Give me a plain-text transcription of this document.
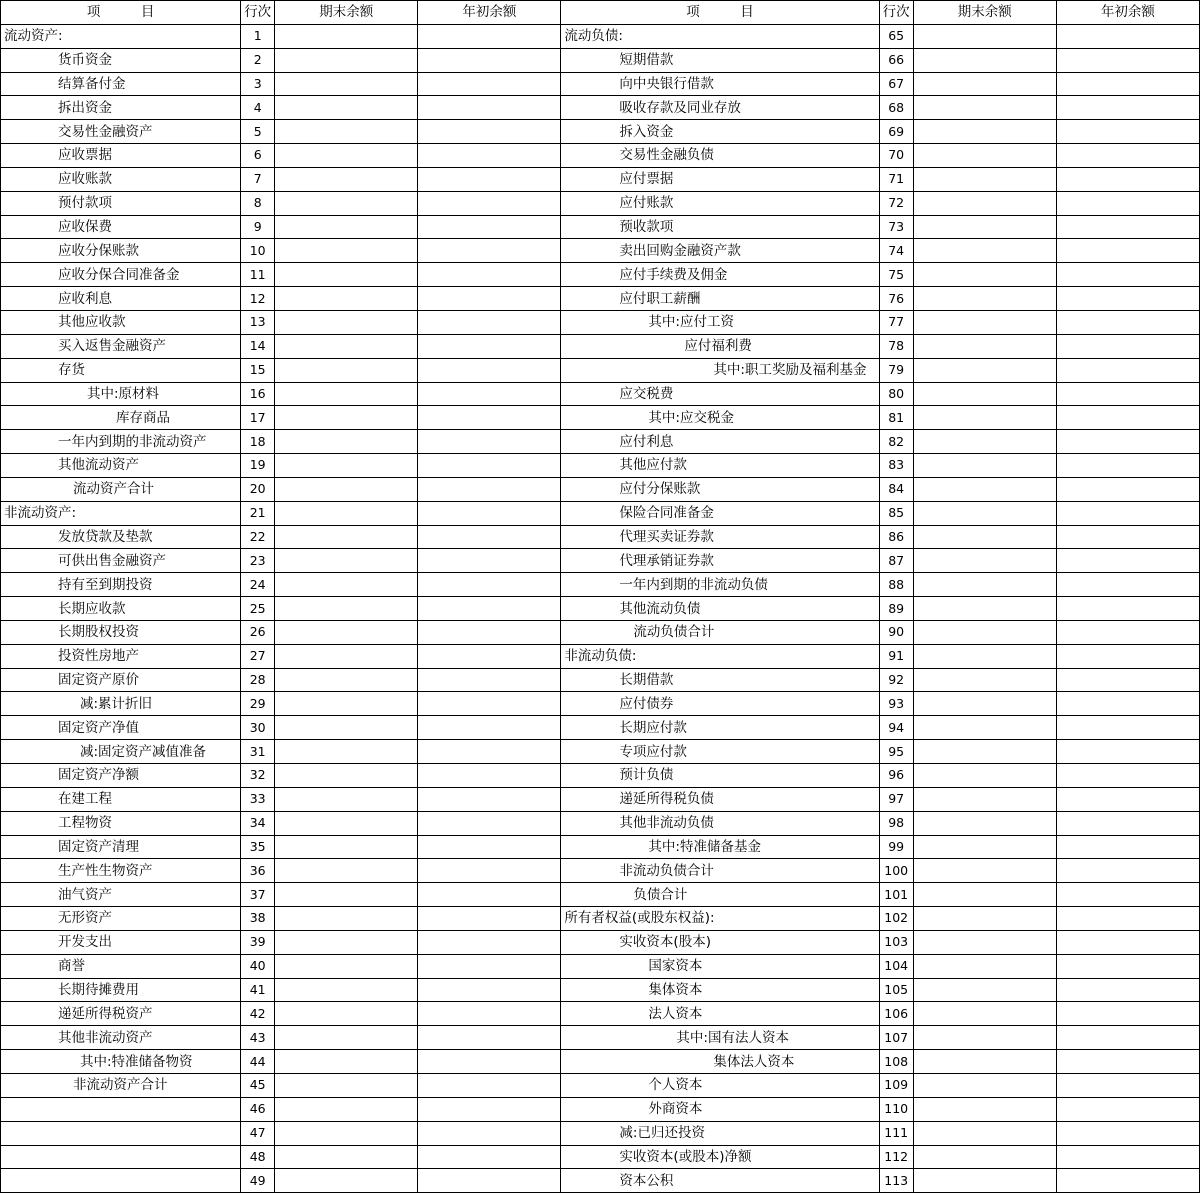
项　　　目	行次	期末余额	年初余额	项　　　目	行次	期末余额	年初余额
流动资产:	1			流动负债:	65		
货币资金	2			短期借款	66		
结算备付金	3			向中央银行借款	67		
拆出资金	4			吸收存款及同业存放	68		
交易性金融资产	5			拆入资金	69		
应收票据	6			交易性金融负债	70		
应收账款	7			应付票据	71		
预付款项	8			应付账款	72		
应收保费	9			预收款项	73		
应收分保账款	10			卖出回购金融资产款	74		
应收分保合同准备金	11			应付手续费及佣金	75		
应收利息	12			应付职工薪酬	76		
其他应收款	13			其中:应付工资	77		
买入返售金融资产	14			应付福利费	78		
存货	15			其中:职工奖励及福利基金	79		
其中:原材料	16			应交税费	80		
库存商品	17			其中:应交税金	81		
一年内到期的非流动资产	18			应付利息	82		
其他流动资产	19			其他应付款	83		
流动资产合计	20			应付分保账款	84		
非流动资产:	21			保险合同准备金	85		
发放贷款及垫款	22			代理买卖证券款	86		
可供出售金融资产	23			代理承销证券款	87		
持有至到期投资	24			一年内到期的非流动负债	88		
长期应收款	25			其他流动负债	89		
长期股权投资	26			流动负债合计	90		
投资性房地产	27			非流动负债:	91		
固定资产原价	28			长期借款	92		
减:累计折旧	29			应付债券	93		
固定资产净值	30			长期应付款	94		
减:固定资产减值准备	31			专项应付款	95		
固定资产净额	32			预计负债	96		
在建工程	33			递延所得税负债	97		
工程物资	34			其他非流动负债	98		
固定资产清理	35			其中:特准储备基金	99		
生产性生物资产	36			非流动负债合计	100		
油气资产	37			负债合计	101		
无形资产	38			所有者权益(或股东权益):	102		
开发支出	39			实收资本(股本)	103		
商誉	40			国家资本	104		
长期待摊费用	41			集体资本	105		
递延所得税资产	42			法人资本	106		
其他非流动资产	43			其中:国有法人资本	107		
其中:特准储备物资	44			集体法人资本	108		
非流动资产合计	45			个人资本	109		
	46			外商资本	110		
	47			减:已归还投资	111		
	48			实收资本(或股本)净额	112		
	49			资本公积	113		
